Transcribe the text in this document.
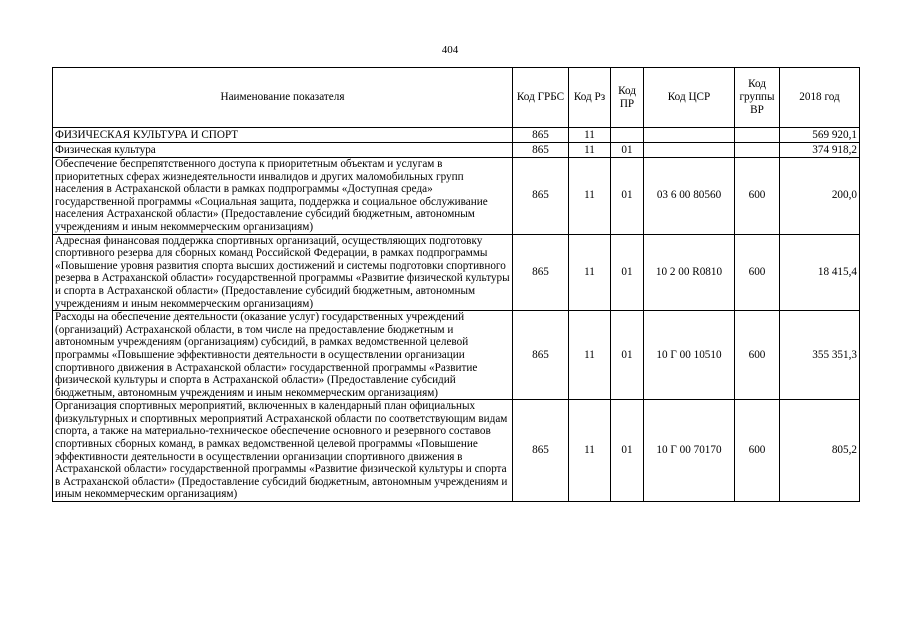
404
Наименование показателя	Код ГРБС	Код Рз	Код ПР	Код ЦСР	Код группы ВР	2018 год
ФИЗИЧЕСКАЯ КУЛЬТУРА И СПОРТ	865	11				569 920,1
Физическая культура	865	11	01			374 918,2
Обеспечение беспрепятственного доступа к приоритетным объектам и услугам в приоритетных сферах жизнедеятельности инвалидов и других маломобильных групп населения в Астраханской области в рамках подпрограммы «Доступная среда» государственной программы «Социальная защита, поддержка и социальное обслуживание населения Астраханской области» (Предоставление субсидий бюджетным, автономным учреждениям и иным некоммерческим организациям)	865	11	01	03 6 00 80560	600	200,0
Адресная финансовая поддержка спортивных организаций, осуществляющих подготовку спортивного резерва для сборных команд Российской Федерации, в рамках подпрограммы «Повышение уровня развития спорта высших достижений и системы подготовки спортивного резерва в Астраханской области» государственной программы «Развитие физической культуры и спорта в Астраханской области» (Предоставление субсидий бюджетным, автономным учреждениям и иным некоммерческим организациям)	865	11	01	10 2 00 R0810	600	18 415,4
Расходы на обеспечение деятельности (оказание услуг) государственных учреждений (организаций) Астраханской области, в том числе на предоставление бюджетным и автономным учреждениям (организациям) субсидий, в рамках ведомственной целевой программы «Повышение эффективности деятельности в осуществлении организации спортивного движения в Астраханской области» государственной программы «Развитие физической культуры и спорта в Астраханской области» (Предоставление субсидий бюджетным, автономным учреждениям и иным некоммерческим организациям)	865	11	01	10 Г 00 10510	600	355 351,3
Организация спортивных мероприятий, включенных в календарный план официальных физкультурных и спортивных мероприятий Астраханской области по соответствующим видам спорта, а также на материально-техническое обеспечение основного и резервного составов спортивных сборных команд, в рамках ведомственной целевой программы «Повышение эффективности деятельности в осуществлении организации спортивного движения в Астраханской области» государственной программы «Развитие физической культуры и спорта в Астраханской области» (Предоставление субсидий бюджетным, автономным учреждениям и иным некоммерческим организациям)	865	11	01	10 Г 00 70170	600	805,2
